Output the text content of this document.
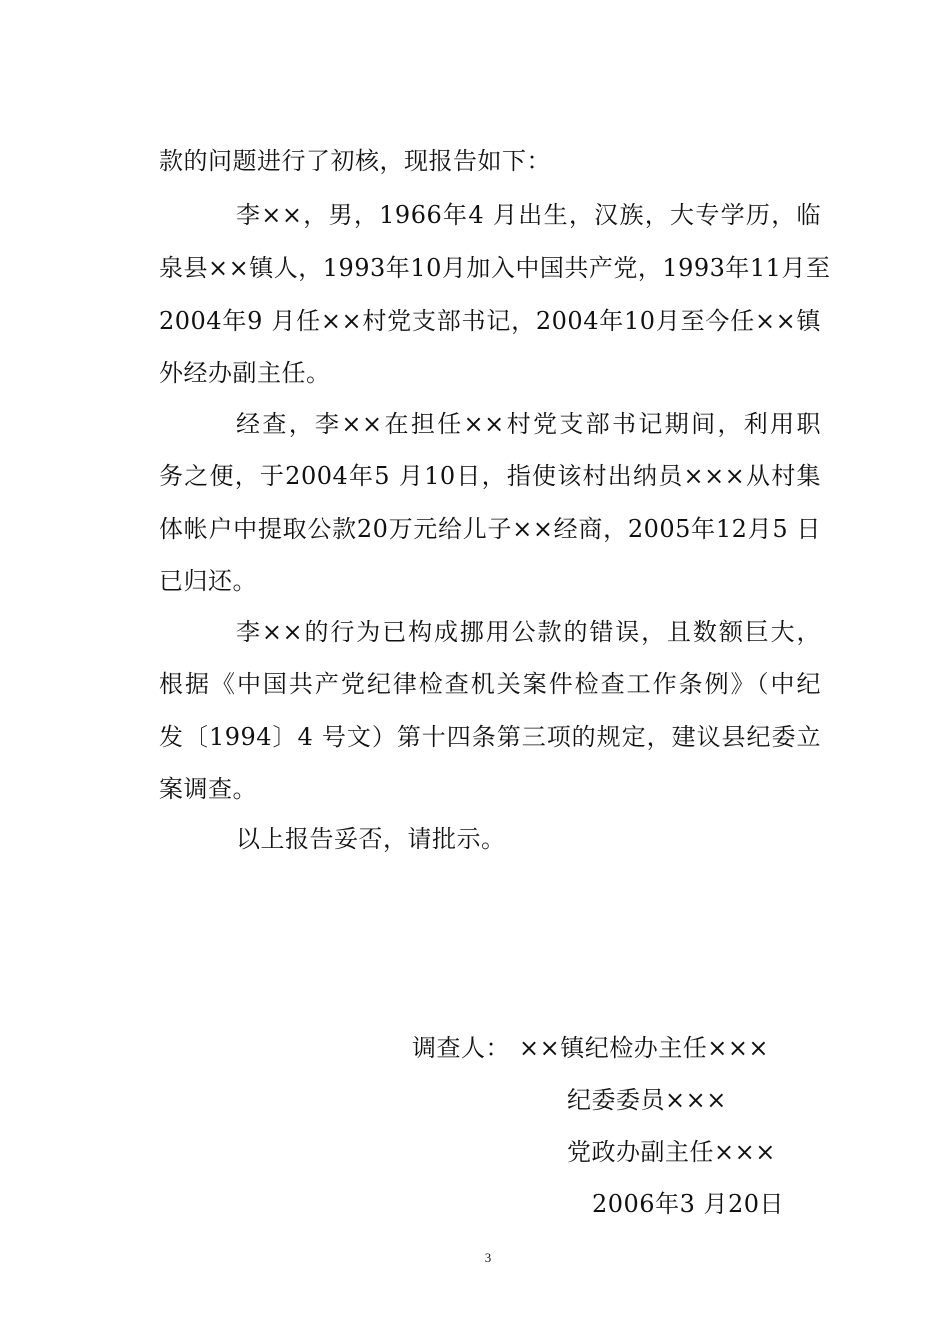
款的问题进行了初核，现报告如下：
李××，男，1966年4 月出生，汉族，大专学历，临
泉县××镇人，1993年10月加入中国共产党，1993年11月至
2004年9 月任××村党支部书记，2004年10月至今任××镇
外经办副主任。
经查，李××在担任××村党支部书记期间，利用职
务之便，于2004年5 月10日，指使该村出纳员×××从村集
体帐户中提取公款20万元给儿子××经商，2005年12月5 日
已归还。
李××的行为已构成挪用公款的错误，且数额巨大，
根据《中国共产党纪律检查机关案件检查工作条例》（中纪
发〔1994〕4 号文）第十四条第三项的规定，建议县纪委立
案调查。
以上报告妥否，请批示。
调查人： ××镇纪检办主任×××
纪委委员×××
党政办副主任×××
2006年3 月20日
3
